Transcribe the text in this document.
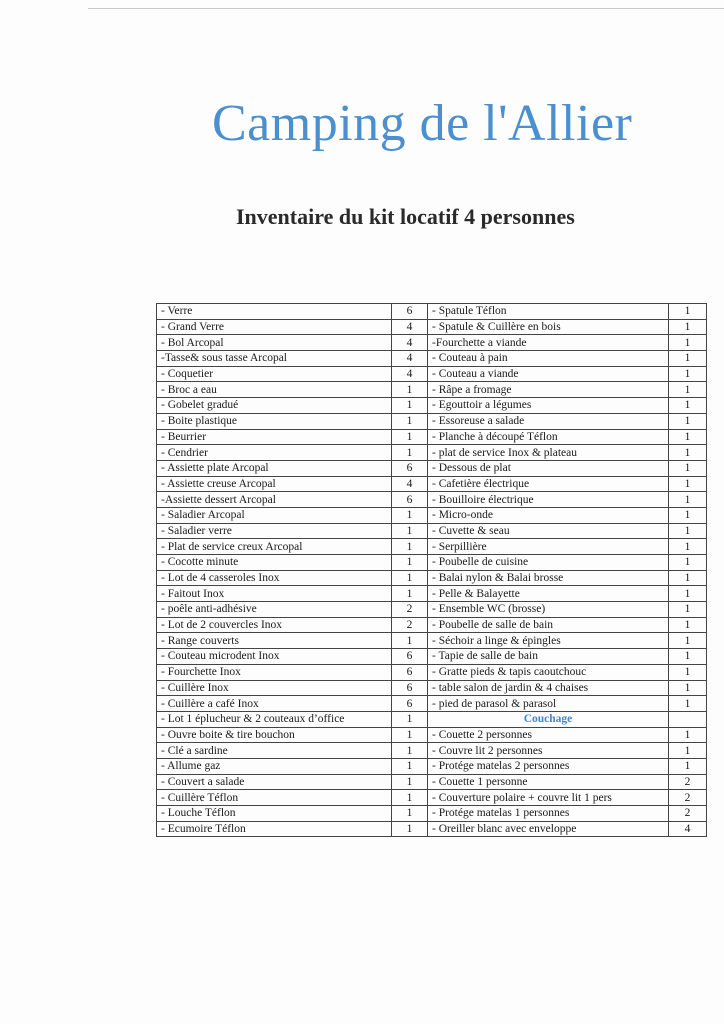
Camping de l'Allier
Inventaire du kit locatif 4 personnes
- Verre	6	- Spatule Téflon	1
- Grand Verre	4	- Spatule & Cuillère en bois	1
- Bol Arcopal	4	-Fourchette a viande	1
-Tasse& sous tasse Arcopal	4	- Couteau à pain	1
- Coquetier	4	- Couteau a viande	1
- Broc a eau	1	- Râpe a fromage	1
- Gobelet gradué	1	- Egouttoir a légumes	1
- Boite plastique	1	- Essoreuse a salade	1
- Beurrier	1	- Planche à découpé Téflon	1
- Cendrier	1	- plat de service Inox & plateau	1
- Assiette plate Arcopal	6	- Dessous de plat	1
- Assiette creuse Arcopal	4	- Cafetière électrique	1
-Assiette dessert Arcopal	6	- Bouilloire électrique	1
- Saladier Arcopal	1	- Micro-onde	1
- Saladier verre	1	- Cuvette & seau	1
- Plat de service creux Arcopal	1	- Serpillière	1
- Cocotte minute	1	- Poubelle de cuisine	1
- Lot de 4 casseroles Inox	1	- Balai nylon & Balai brosse	1
- Faitout Inox	1	- Pelle & Balayette	1
- poêle anti-adhésive	2	- Ensemble WC (brosse)	1
- Lot de 2 couvercles Inox	2	- Poubelle de salle de bain	1
- Range couverts	1	- Séchoir a linge & épingles	1
- Couteau microdent Inox	6	- Tapie de salle de bain	1
- Fourchette Inox	6	- Gratte pieds & tapis caoutchouc	1
- Cuillère Inox	6	- table salon de jardin & 4 chaises	1
- Cuillère a café Inox	6	- pied de parasol & parasol	1
- Lot 1 éplucheur & 2 couteaux d’office	1	Couchage	
- Ouvre boite & tire bouchon	1	- Couette 2 personnes	1
- Clé a sardine	1	- Couvre lit 2 personnes	1
- Allume gaz	1	- Protége matelas 2 personnes	1
- Couvert a salade	1	- Couette 1 personne	2
- Cuillère Téflon	1	- Couverture polaire + couvre lit 1 pers	2
- Louche Téflon	1	- Protége matelas 1 personnes	2
- Ecumoire Téflon	1	- Oreiller blanc avec enveloppe	4
